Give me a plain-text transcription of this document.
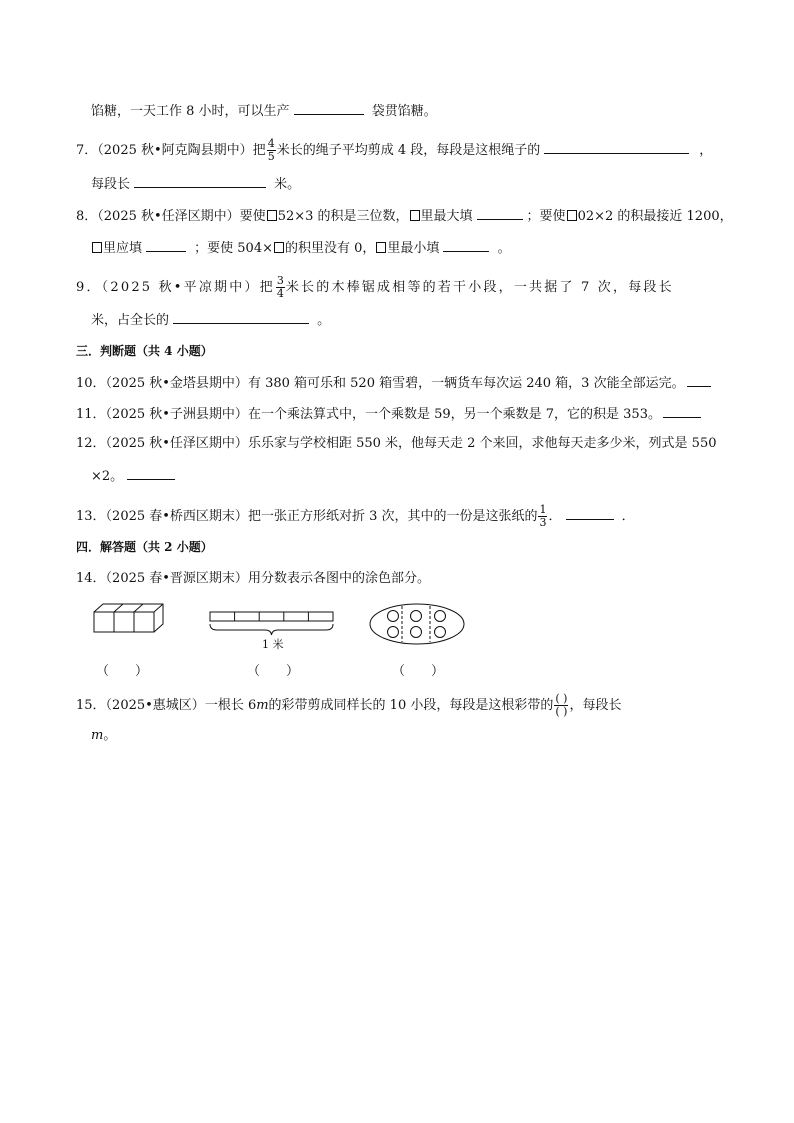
馅糖，一天工作 8 小时，可以生产	袋贯馅糖。
7．（2025 秋•阿克陶县期中）把 $\frac{4}{5}$ 米长的绳子平均剪成 4 段，每段是这根绳子的	，
每段长	米。
8．（2025 秋•任泽区期中）要使 52×3 的积是三位数， 里最大填	；要使 02×2 的积最接近 1200，
里应填	；要使 504× 的积里没有 0， 里最小填	。
9．（2025 秋•平凉期中）把 $\frac{3}{4}$ 米长的木棒锯成相等的若干小段，一共据了 7 次，每段长
米，占全长的	。
三．判断题（共 4 小题）
10．（2025 秋•金塔县期中）有 380 箱可乐和 520 箱雪碧，一辆货车每次运 240 箱，3 次能全部运完。
11．（2025 秋•子洲县期中）在一个乘法算式中，一个乘数是 59，另一个乘数是 7，它的积是 353。
12．（2025 秋•任泽区期中）乐乐家与学校相距 550 米，他每天走 2 个来回，求他每天走多少米，列式是 550
×2。
13．（2025 春•桥西区期末）把一张正方形纸对折 3 次，其中的一份是这张纸的 $\frac{1}{3}$ ．	．
四．解答题（共 2 小题）
14．（2025 春•晋源区期末）用分数表示各图中的涂色部分。
1 米
（　　）	（　　）	（　　）
15．（2025•惠城区）一根长 6m的彩带剪成同样长的 10 小段，每段是这根彩带的 $\frac{( )}{( )}$ ，每段长
m。
